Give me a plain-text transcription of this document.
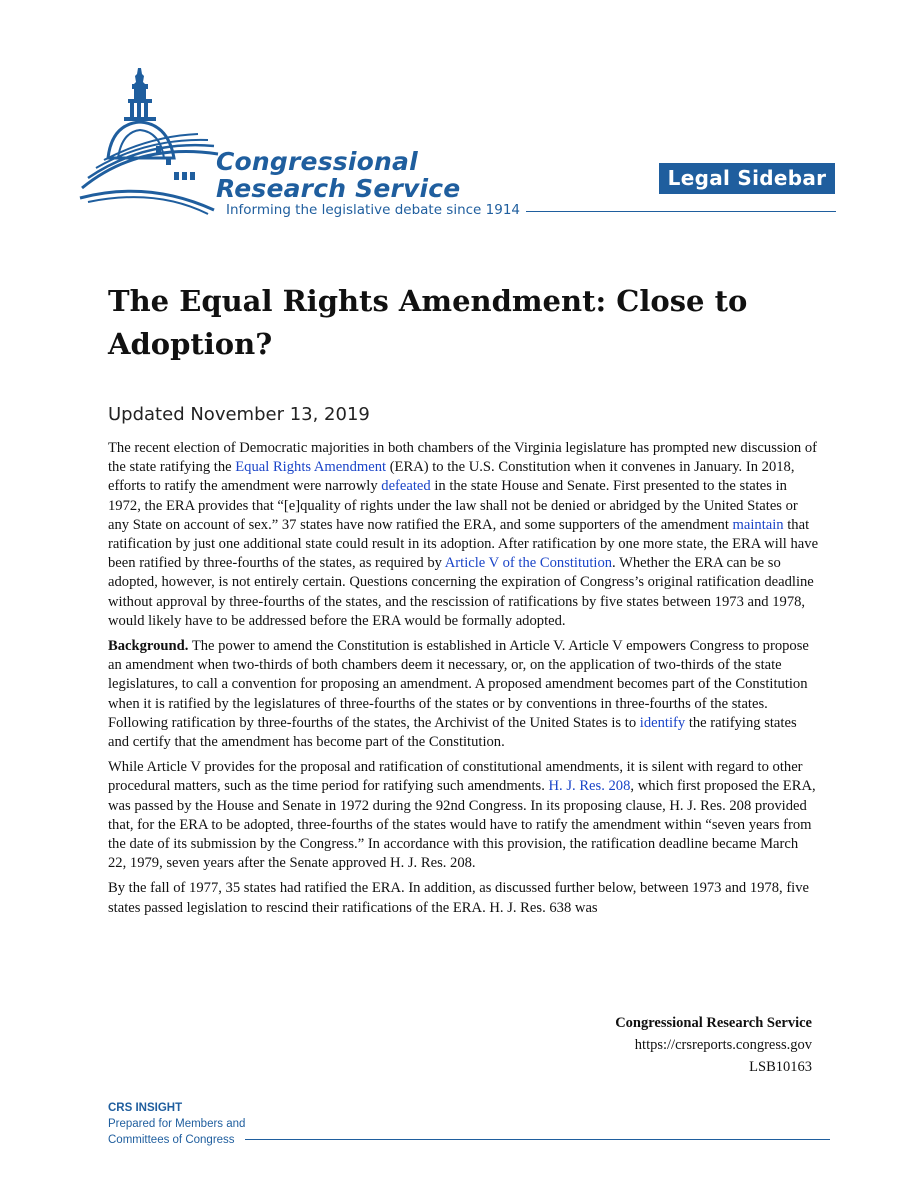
Congressional
Research Service
Informing the legislative debate since 1914
Legal Sidebar
The Equal Rights Amendment: Close to Adoption?
Updated November 13, 2019

The recent election of Democratic majorities in both chambers of the Virginia legislature has prompted new discussion of the state ratifying the Equal Rights Amendment (ERA) to the U.S. Constitution when it convenes in January. In 2018, efforts to ratify the amendment were narrowly defeated in the state House and Senate. First presented to the states in 1972, the ERA provides that “[e]quality of rights under the law shall not be denied or abridged by the United States or any State on account of sex.” 37 states have now ratified the ERA, and some supporters of the amendment maintain that ratification by just one additional state could result in its adoption. After ratification by one more state, the ERA will have been ratified by three-fourths of the states, as required by Article V of the Constitution. Whether the ERA can be so adopted, however, is not entirely certain. Questions concerning the expiration of Congress’s original ratification deadline without approval by three-fourths of the states, and the rescission of ratifications by five states between 1973 and 1978, would likely have to be addressed before the ERA would be formally adopted.

Background. The power to amend the Constitution is established in Article V. Article V empowers Congress to propose an amendment when two-thirds of both chambers deem it necessary, or, on the application of two-thirds of the state legislatures, to call a convention for proposing an amendment. A proposed amendment becomes part of the Constitution when it is ratified by the legislatures of three-fourths of the states or by conventions in three-fourths of the states. Following ratification by three-fourths of the states, the Archivist of the United States is to identify the ratifying states and certify that the amendment has become part of the Constitution.

While Article V provides for the proposal and ratification of constitutional amendments, it is silent with regard to other procedural matters, such as the time period for ratifying such amendments. H. J. Res. 208, which first proposed the ERA, was passed by the House and Senate in 1972 during the 92nd Congress. In its proposing clause, H. J. Res. 208 provided that, for the ERA to be adopted, three-fourths of the states would have to ratify the amendment within “seven years from the date of its submission by the Congress.” In accordance with this provision, the ratification deadline became March 22, 1979, seven years after the Senate approved H. J. Res. 208.

By the fall of 1977, 35 states had ratified the ERA. In addition, as discussed further below, between 1973 and 1978, five states passed legislation to rescind their ratifications of the ERA. H. J. Res. 638 was

Congressional Research Service
https://crsreports.congress.gov
LSB10163
CRS INSIGHT
Prepared for Members and
Committees of Congress
